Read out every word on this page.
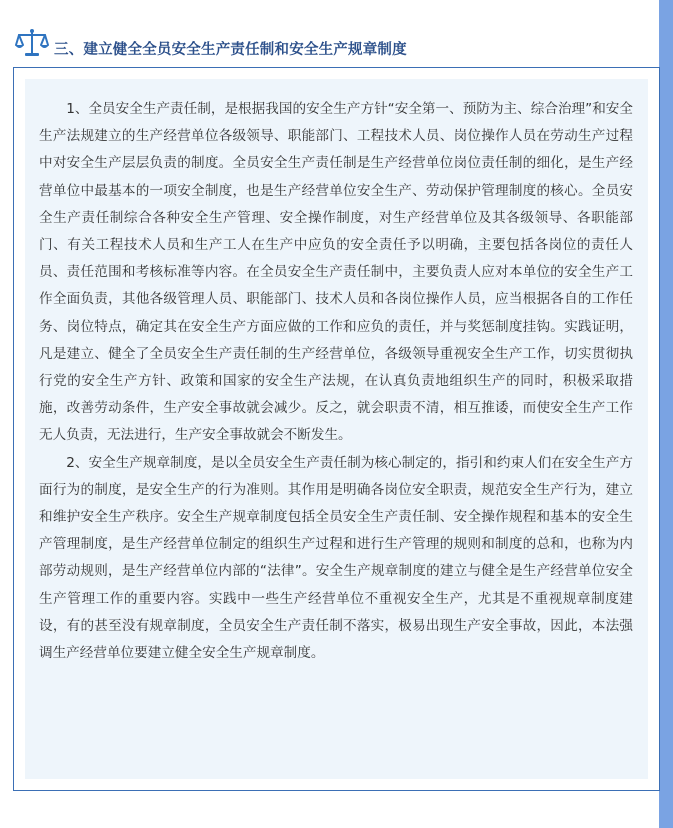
三、建立健全全员安全生产责任制和安全生产规章制度

1、全员安全生产责任制，是根据我国的安全生产方针“安全第一、预防为主、综合治理”和安全生产法规建立的生产经营单位各级领导、职能部门、工程技术人员、岗位操作人员在劳动生产过程中对安全生产层层负责的制度。全员安全生产责任制是生产经营单位岗位责任制的细化，是生产经营单位中最基本的一项安全制度，也是生产经营单位安全生产、劳动保护管理制度的核心。全员安全生产责任制综合各种安全生产管理、安全操作制度，对生产经营单位及其各级领导、各职能部门、有关工程技术人员和生产工人在生产中应负的安全责任予以明确，主要包括各岗位的责任人员、责任范围和考核标准等内容。在全员安全生产责任制中，主要负责人应对本单位的安全生产工作全面负责，其他各级管理人员、职能部门、技术人员和各岗位操作人员，应当根据各自的工作任务、岗位特点，确定其在安全生产方面应做的工作和应负的责任，并与奖惩制度挂钩。实践证明，凡是建立、健全了全员安全生产责任制的生产经营单位，各级领导重视安全生产工作，切实贯彻执行党的安全生产方针、政策和国家的安全生产法规，在认真负责地组织生产的同时，积极采取措施，改善劳动条件，生产安全事故就会减少。反之，就会职责不清，相互推诿，而使安全生产工作无人负责，无法进行，生产安全事故就会不断发生。

2、安全生产规章制度，是以全员安全生产责任制为核心制定的，指引和约束人们在安全生产方面行为的制度，是安全生产的行为准则。其作用是明确各岗位安全职责，规范安全生产行为，建立和维护安全生产秩序。安全生产规章制度包括全员安全生产责任制、安全操作规程和基本的安全生产管理制度，是生产经营单位制定的组织生产过程和进行生产管理的规则和制度的总和，也称为内部劳动规则，是生产经营单位内部的“法律”。安全生产规章制度的建立与健全是生产经营单位安全生产管理工作的重要内容。实践中一些生产经营单位不重视安全生产，尤其是不重视规章制度建设，有的甚至没有规章制度，全员安全生产责任制不落实，极易出现生产安全事故，因此，本法强调生产经营单位要建立健全安全生产规章制度。
